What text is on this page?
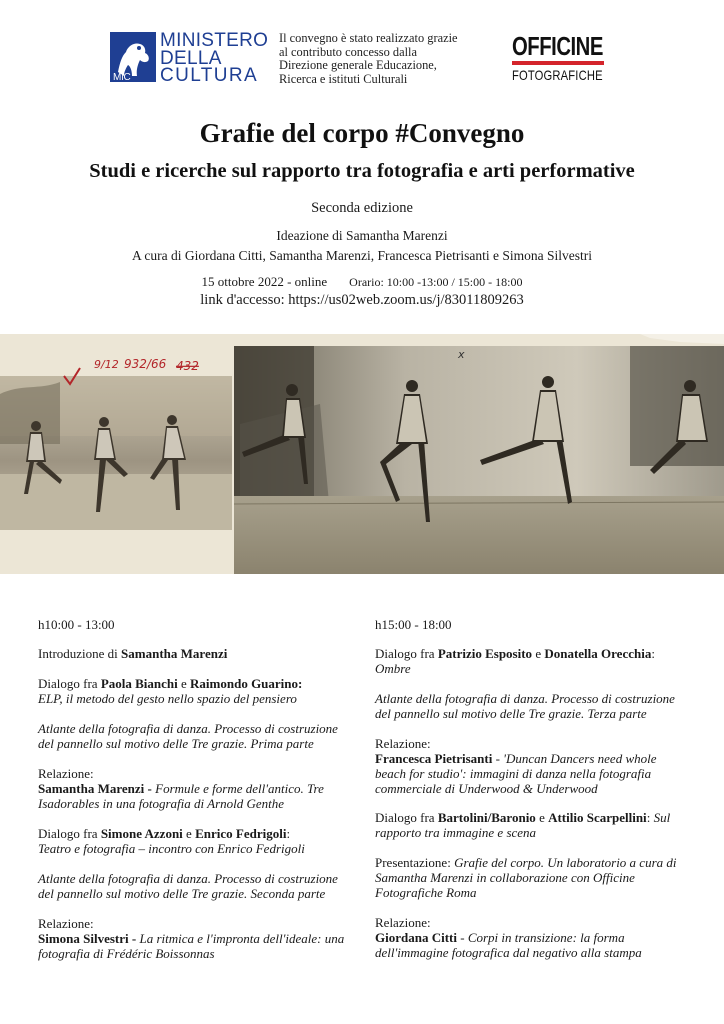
MiC
MINISTERO
DELLA
CULTURA
Il convegno è stato realizzato grazie
al contributo concesso dalla
Direzione generale Educazione,
Ricerca e istituti Culturali
OFFICINE
FOTOGRAFICHE
Grafie del corpo #Convegno
Studi e ricerche sul rapporto tra fotografia e arti performative
Seconda edizione
Ideazione di Samantha Marenzi
A cura di Giordana Citti, Samantha Marenzi, Francesca Pietrisanti e Simona Silvestri
15 ottobre 2022 - online Orario: 10:00 -13:00 / 15:00 - 18:00
link d'accesso: https://us02web.zoom.us/j/83011809263
9/12 932/66 432
x
h10:00 - 13:00
Introduzione di Samantha Marenzi
Dialogo fra Paola Bianchi e Raimondo Guarino:
ELP, il metodo del gesto nello spazio del pensiero
Atlante della fotografia di danza. Processo di costruzione del pannello sul motivo delle Tre grazie. Prima parte
Relazione:
Samantha Marenzi - Formule e forme dell'antico. Tre Isadorables in una fotografia di Arnold Genthe
Dialogo fra Simone Azzoni e Enrico Fedrigoli:
Teatro e fotografia – incontro con Enrico Fedrigoli
Atlante della fotografia di danza. Processo di costruzione del pannello sul motivo delle Tre grazie. Seconda parte
Relazione:
Simona Silvestri - La ritmica e l'impronta dell'ideale: una fotografia di Frédéric Boissonnas
h15:00 - 18:00
Dialogo fra Patrizio Esposito e Donatella Orecchia: Ombre
Atlante della fotografia di danza. Processo di costruzione del pannello sul motivo delle Tre grazie. Terza parte
Relazione:
Francesca Pietrisanti - 'Duncan Dancers need whole beach for studio': immagini di danza nella fotografia commerciale di Underwood & Underwood
Dialogo fra Bartolini/Baronio e Attilio Scarpellini: Sul rapporto tra immagine e scena
Presentazione: Grafie del corpo. Un laboratorio a cura di Samantha Marenzi in collaborazione con Officine Fotografiche Roma
Relazione:
Giordana Citti - Corpi in transizione: la forma dell'immagine fotografica dal negativo alla stampa
